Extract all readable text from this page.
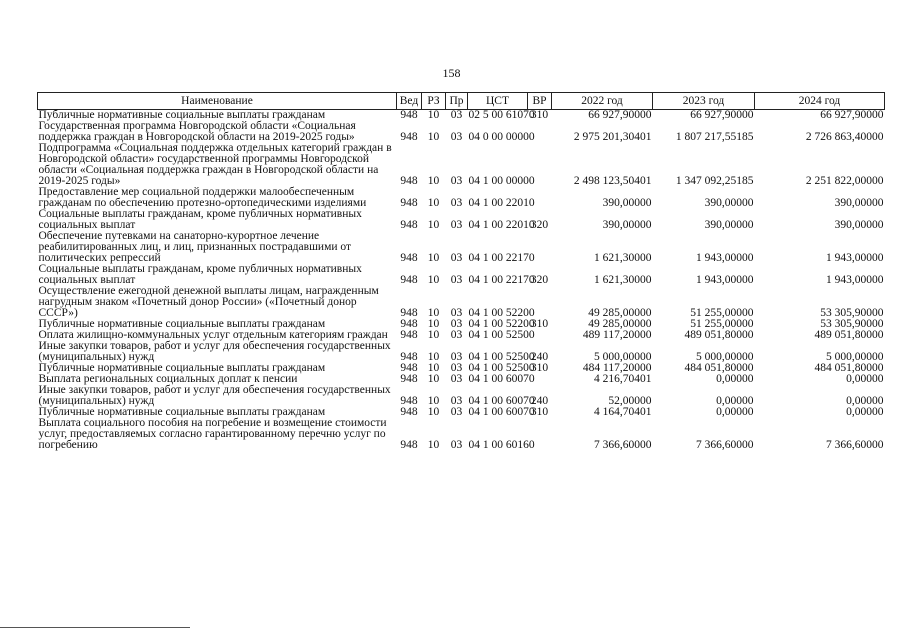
158
Наименование	Вед	РЗ	Пр	ЦСТ	ВР	2022 год	2023 год	2024 год
Публичные нормативные социальные выплаты гражданам	948	10	03	02 5 00 61070	310	66 927,90000	66 927,90000	66 927,90000
Государственная программа Новгородской области «Социальная поддержка граждан в Новгородской области на 2019-2025 годы»	948	10	03	04 0 00 00000		2 975 201,30401	1 807 217,55185	2 726 863,40000
Подпрограмма «Социальная поддержка отдельных категорий граждан в Новгородской области» государственной программы Новгородской области «Социальная поддержка граждан в Новгородской области на 2019-2025 годы»	948	10	03	04 1 00 00000		2 498 123,50401	1 347 092,25185	2 251 822,00000
Предоставление мер социальной поддержки малообеспеченным гражданам по обеспечению протезно-ортопедическими изделиями	948	10	03	04 1 00 22010		390,00000	390,00000	390,00000
Социальные выплаты гражданам, кроме публичных нормативных социальных выплат	948	10	03	04 1 00 22010	320	390,00000	390,00000	390,00000
Обеспечение путевками на санаторно-курортное лечение реабилитированных лиц, и лиц, признанных пострадавшими от политических репрессий	948	10	03	04 1 00 22170		1 621,30000	1 943,00000	1 943,00000
Социальные выплаты гражданам, кроме публичных нормативных социальных выплат	948	10	03	04 1 00 22170	320	1 621,30000	1 943,00000	1 943,00000
Осуществление ежегодной денежной выплаты лицам, награжденным нагрудным знаком «Почетный донор России» («Почетный донор СССР»)	948	10	03	04 1 00 52200		49 285,00000	51 255,00000	53 305,90000
Публичные нормативные социальные выплаты гражданам	948	10	03	04 1 00 52200	310	49 285,00000	51 255,00000	53 305,90000
Оплата жилищно-коммунальных услуг отдельным категориям граждан	948	10	03	04 1 00 52500		489 117,20000	489 051,80000	489 051,80000
Иные закупки товаров, работ и услуг для обеспечения государственных (муниципальных) нужд	948	10	03	04 1 00 52500	240	5 000,00000	5 000,00000	5 000,00000
Публичные нормативные социальные выплаты гражданам	948	10	03	04 1 00 52500	310	484 117,20000	484 051,80000	484 051,80000
Выплата региональных социальных доплат к пенсии	948	10	03	04 1 00 60070		4 216,70401	0,00000	0,00000
Иные закупки товаров, работ и услуг для обеспечения государственных (муниципальных) нужд	948	10	03	04 1 00 60070	240	52,00000	0,00000	0,00000
Публичные нормативные социальные выплаты гражданам	948	10	03	04 1 00 60070	310	4 164,70401	0,00000	0,00000
Выплата социального пособия на погребение и возмещение стоимости услуг, предоставляемых согласно гарантированному перечню услуг по погребению	948	10	03	04 1 00 60160		7 366,60000	7 366,60000	7 366,60000
